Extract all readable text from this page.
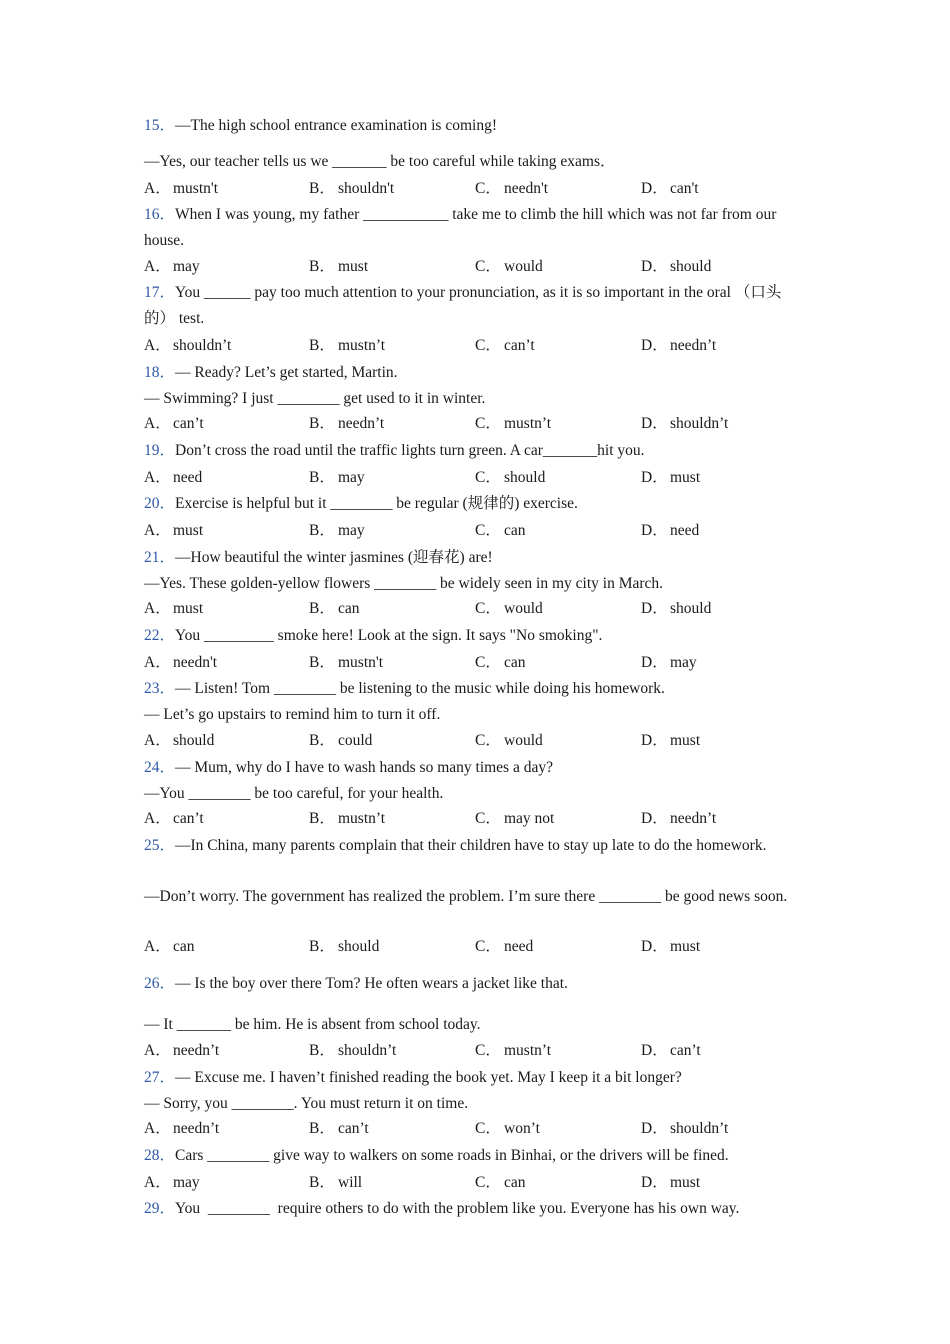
15．—The high school entrance examination is coming!
—Yes, our teacher tells us we _______ be too careful while taking exams．
A． mustn't	B． shouldn't	C． needn't	D． can't
16．When I was young, my father ___________ take me to climb the hill which was not far from our house.
A． may	B． must	C． would	D． should
17．You ______ pay too much attention to your pronunciation, as it is so important in the oral （口头的） test.
A． shouldn’t	B． mustn’t	C． can’t	D． needn’t
18．— Ready? Let’s get started, Martin.
— Swimming? I just ________ get used to it in winter.
A． can’t	B． needn’t	C． mustn’t	D． shouldn’t
19．Don’t cross the road until the traffic lights turn green. A car_______hit you.
A． need	B． may	C． should	D． must
20．Exercise is helpful but it ________ be regular (规律的) exercise.
A． must	B． may	C． can	D． need
21．—How beautiful the winter jasmines (迎春花) are!
—Yes. These golden-yellow flowers ________ be widely seen in my city in March.
A． must	B． can	C． would	D． should
22．You _________ smoke here! Look at the sign. It says "No smoking".
A． needn't	B． mustn't	C． can	D． may
23．— Listen! Tom ________ be listening to the music while doing his homework.
— Let’s go upstairs to remind him to turn it off.
A． should	B． could	C． would	D． must
24．— Mum, why do I have to wash hands so many times a day?
—You ________ be too careful, for your health.
A． can’t	B． mustn’t	C． may not	D． needn’t
25．—In China, many parents complain that their children have to stay up late to do the homework.
—Don’t worry. The government has realized the problem. I’m sure there ________ be good news soon.
A． can	B． should	C． need	D． must
26．— Is the boy over there Tom? He often wears a jacket like that.
— It _______ be him. He is absent from school today.
A． needn’t	B． shouldn’t	C． mustn’t	D． can’t
27．— Excuse me. I haven’t finished reading the book yet. May I keep it a bit longer?
— Sorry, you ________. You must return it on time.
A． needn’t	B． can’t	C． won’t	D． shouldn’t
28．Cars ________ give way to walkers on some roads in Binhai, or the drivers will be fined.
A． may	B． will	C． can	D． must
29．You  ________  require others to do with the problem like you. Everyone has his own way.
